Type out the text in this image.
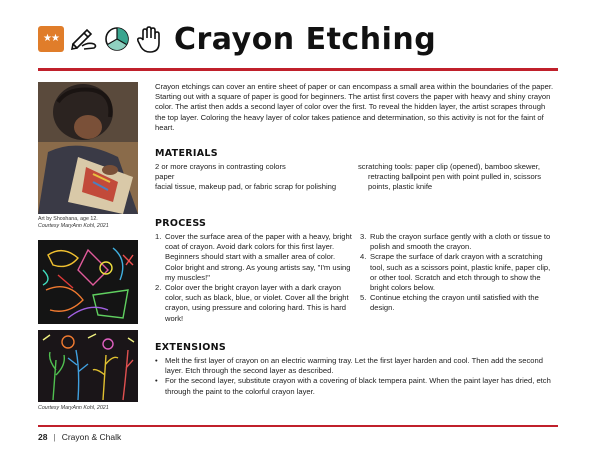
★★	Crayon Etching
Art by Shoshana, age 12.
Courtesy MaryAnn Kohl, 2021
Courtesy MaryAnn Kohl, 2021
Crayon etchings can cover an entire sheet of paper or can encompass a small area within the boundaries of the paper. Starting out with a square of paper is good for beginners. The artist first covers the paper with heavy and shiny crayon color. The artist then adds a second layer of color over the first. To reveal the hidden layer, the artist scrapes through the top layer. Coloring the heavy layer of color takes patience and determination, so this activity is not for the faint of heart.
MATERIALS
2 or more crayons in contrasting colors
paper
facial tissue, makeup pad, or fabric scrap for polishing
scratching tools: paper clip (opened), bamboo skewer, retracting ballpoint pen with point pulled in, scissors points, plastic knife
PROCESS
1. Cover the surface area of the paper with a heavy, bright coat of crayon. Avoid dark colors for this first layer. Beginners should start with a smaller area of color. Color bright and strong. As young artists say, "I'm using my muscles!"
2. Color over the bright crayon layer with a dark crayon color, such as black, blue, or violet. Cover all the bright crayon, using pressure and coloring hard. This is hard work!
3. Rub the crayon surface gently with a cloth or tissue to polish and smooth the crayon.
4. Scrape the surface of dark crayon with a scratching tool, such as a scissors point, plastic knife, paper clip, or other tool. Scratch and etch through to show the bright colors below.
5. Continue etching the crayon until satisfied with the design.
EXTENSIONS
• Melt the first layer of crayon on an electric warming tray. Let the first layer harden and cool. Then add the second layer. Etch through the second layer as described.
• For the second layer, substitute crayon with a covering of black tempera paint. When the paint layer has dried, etch through the paint to the colorful crayon layer.
28 | Crayon & Chalk
